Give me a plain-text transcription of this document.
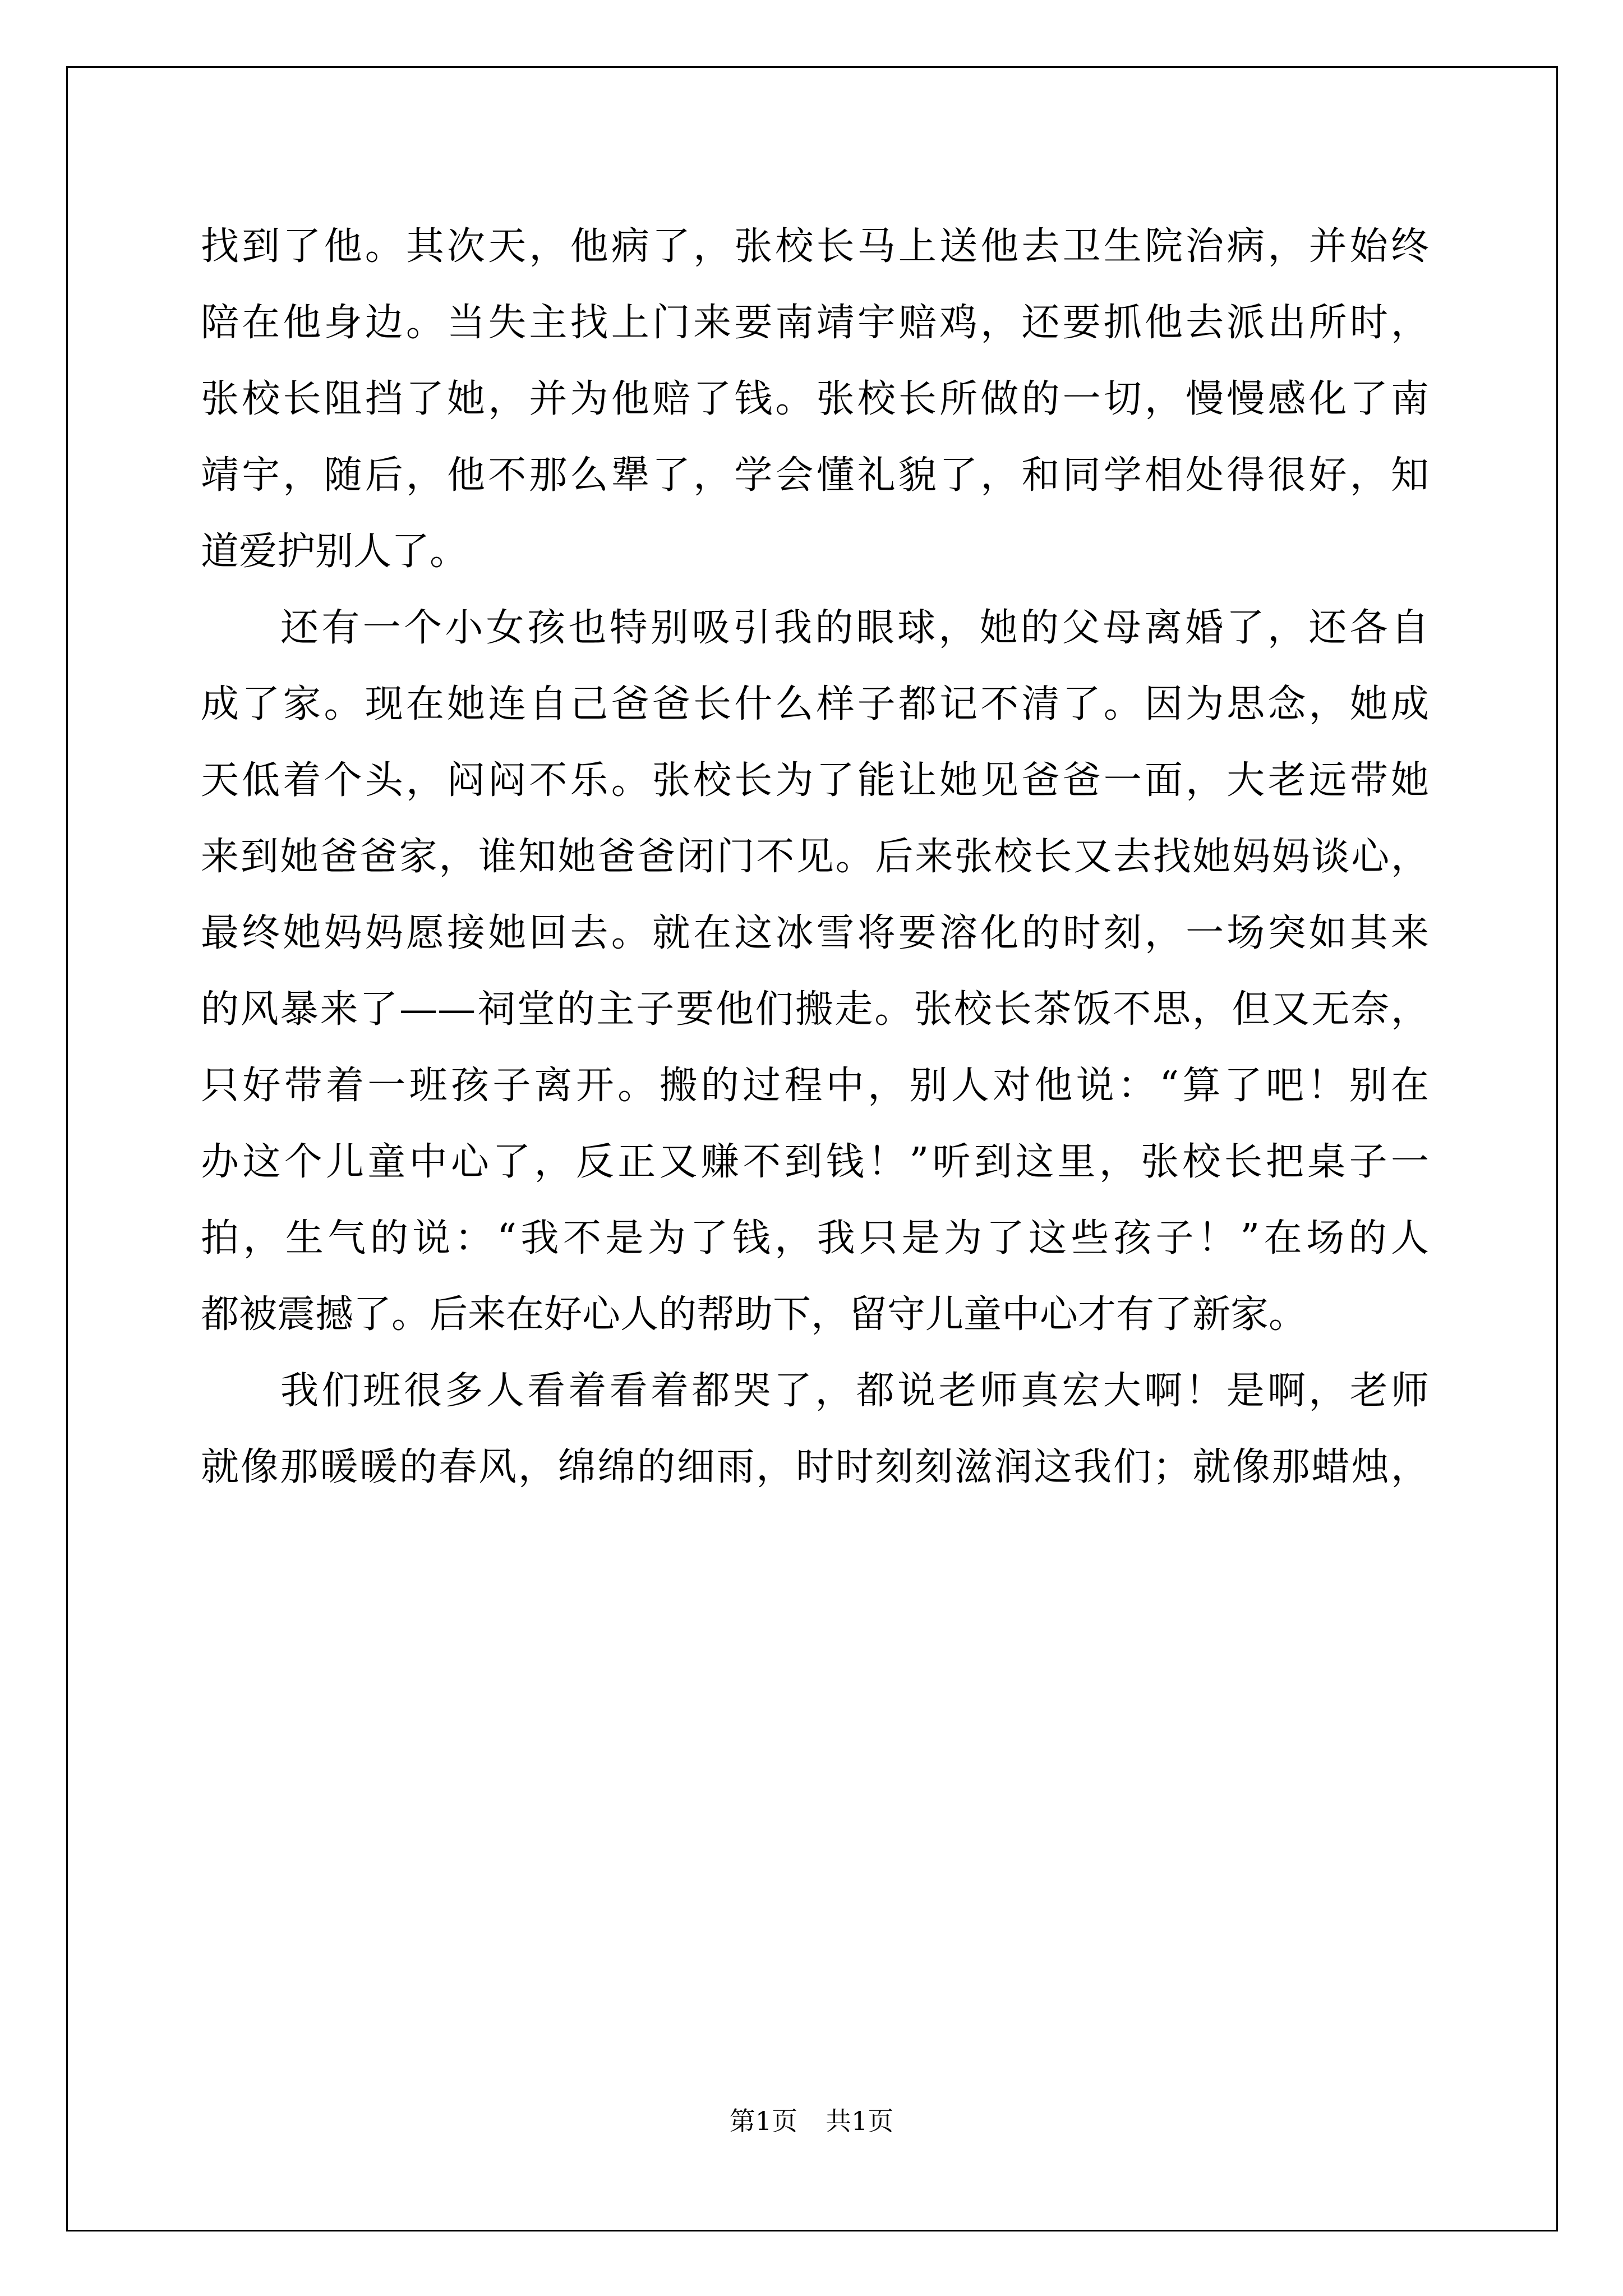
找到了他。其次天，他病了，张校长马上送他去卫生院治病，并始终
陪在他身边。当失主找上门来要南靖宇赔鸡，还要抓他去派出所时，
张校长阻挡了她，并为他赔了钱。张校长所做的一切，慢慢感化了南
靖宇，随后，他不那么犟了，学会懂礼貌了，和同学相处得很好，知
道爱护别人了。
还有一个小女孩也特别吸引我的眼球，她的父母离婚了，还各自
成了家。现在她连自己爸爸长什么样子都记不清了。因为思念，她成
天低着个头，闷闷不乐。张校长为了能让她见爸爸一面，大老远带她
来到她爸爸家，谁知她爸爸闭门不见。后来张校长又去找她妈妈谈心，
最终她妈妈愿接她回去。就在这冰雪将要溶化的时刻，一场突如其来
的风暴来了——祠堂的主子要他们搬走。张校长茶饭不思，但又无奈，
只好带着一班孩子离开。搬的过程中，别人对他说：“算了吧！别在
办这个儿童中心了，反正又赚不到钱！”听到这里，张校长把桌子一
拍，生气的说：“我不是为了钱，我只是为了这些孩子！”在场的人
都被震撼了。后来在好心人的帮助下，留守儿童中心才有了新家。
我们班很多人看着看着都哭了，都说老师真宏大啊！是啊，老师
就像那暖暖的春风，绵绵的细雨，时时刻刻滋润这我们；就像那蜡烛，
第1页 共1页
